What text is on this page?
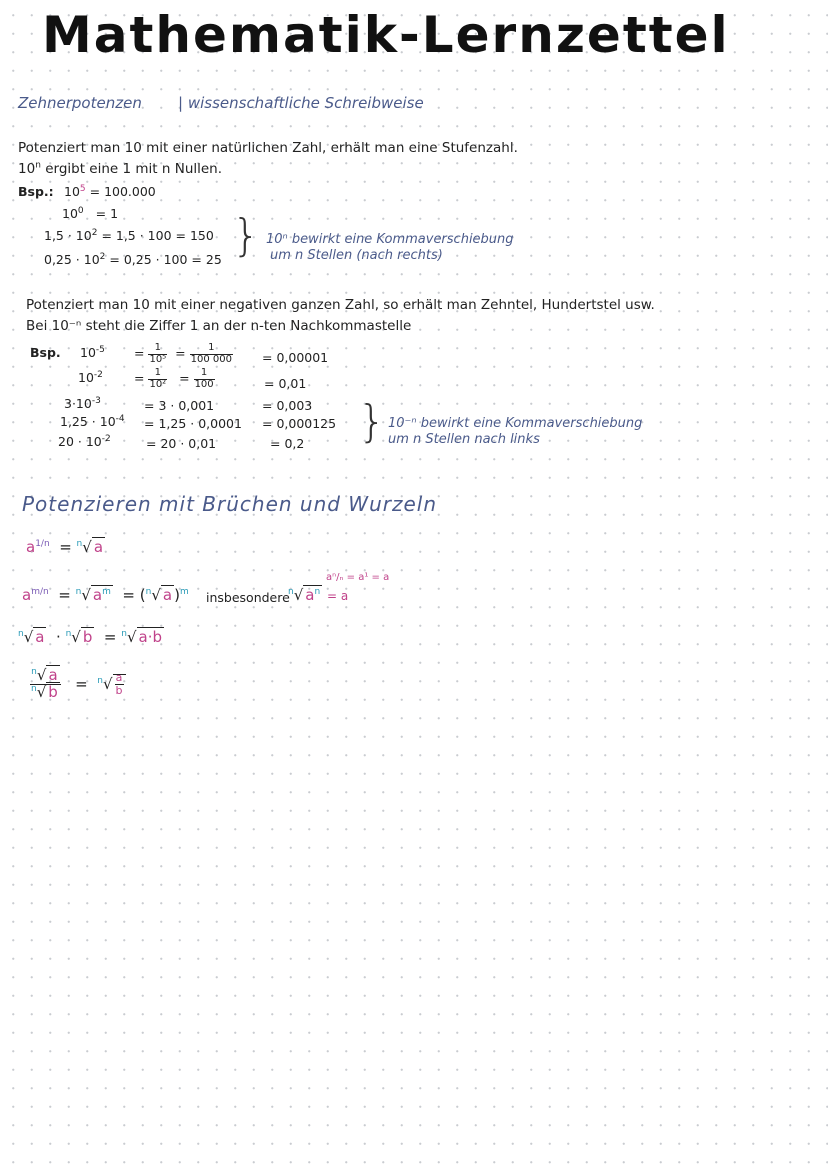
Mathematik-Lernzettel
Zehnerpotenzen | wissenschaftliche Schreibweise
Potenziert man 10 mit einer natürlichen Zahl, erhält man eine Stufenzahl.
10$^n$ ergibt eine 1 mit n Nullen.
Bsp.: $10^5 = 100.000$
$10^0 = 1$
$1,5 \cdot 10^2 = 1,5 \cdot 100 = 150$
$0,25 \cdot 10^2 = 0,25 \cdot 100 = 25$ } 10ⁿ bewirkt eine Kommaverschiebung
um n Stellen (nach rechts)
Potenziert man 10 mit einer negativen ganzen Zahl, so erhält man Zehntel, Hundertstel usw.
Bei 10⁻ⁿ steht die Ziffer 1 an der n-ten Nachkommastelle
Bsp. $10^{-5} = \frac{1}{\text{10⁵}} = \frac{1}{100 000} = 0,00001$
$10^{-2} = \frac{1}{\text{10²}} = \frac{1}{100}$	= 0,01
$3\cdot 10^{-3}$	= 3 · 0,001	= 0,003
$1,25 \cdot 10^{-4} = 1,25 \cdot 0,0001 = 0,000125$
$20 \cdot 10^{-2}$	= 20 · 0,01	= 0,2 } 10⁻ⁿ bewirkt eine Kommaverschiebung
um n Stellen nach links
Potenzieren mit Brüchen und Wurzeln
$a^{1/n} = ^n√$ a
$a^{m/n} = ^n√$ $a^m = (^n√$ a )$^m$ insbesondere
$^n$√ $a^n = a$
aⁿ/ₙ = a¹ = a
$^n$√ a  · $^n$√ b  = $^n$√ a·b
$\frac{^n√ a}{^n√ b} = ^n√ \frac{a}{b}$
